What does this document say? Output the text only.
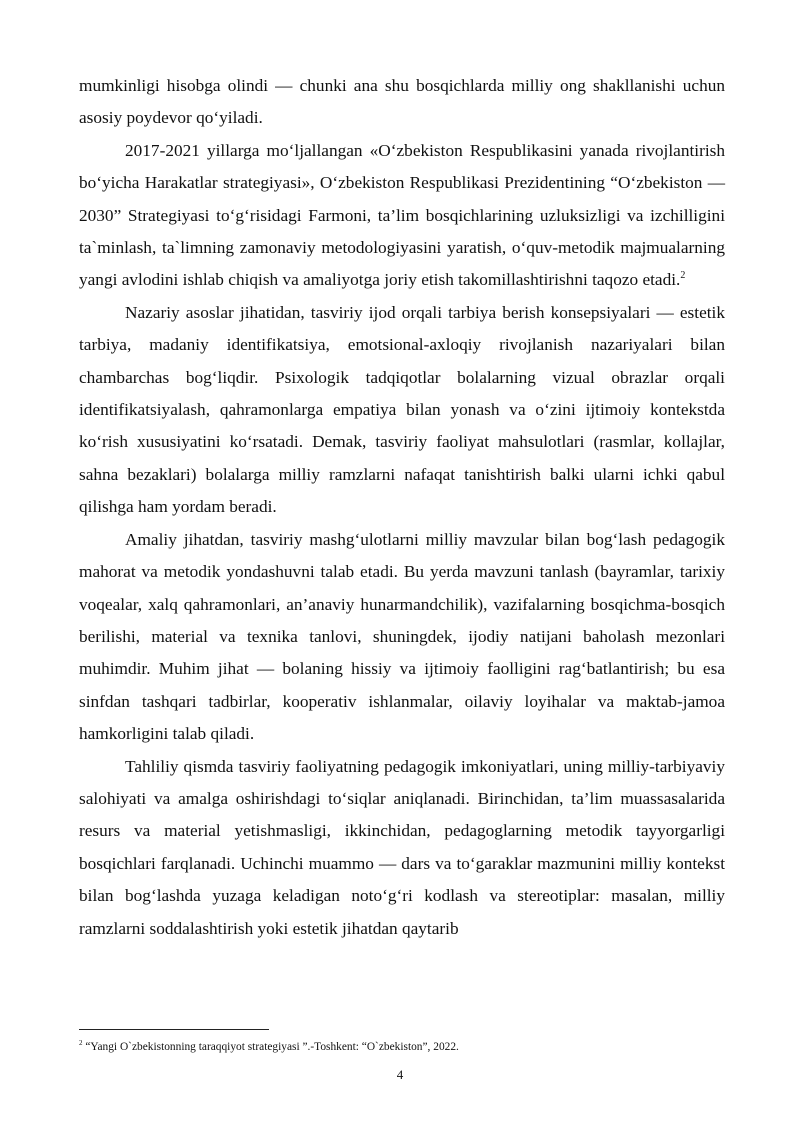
mumkinligi hisobga olindi — chunki ana shu bosqichlarda milliy ong shakllanishi uchun asosiy poydevor qo‘yiladi.

2017-2021 yillarga mo‘ljallangan «O‘zbekiston Respublikasini yanada rivojlantirish bo‘yicha Harakatlar strategiyasi», O‘zbekiston Respublikasi Prezidentining “O‘zbekiston — 2030” Strategiyasi to‘g‘risidagi Farmoni, ta’lim bosqichlarining uzluksizligi va izchilligini ta`minlash, ta`limning zamonaviy metodologiyasini yaratish, o‘quv-metodik majmualarning yangi avlodini ishlab chiqish va amaliyotga joriy etish takomillashtirishni taqozo etadi.$^2$

Nazariy asoslar jihatidan, tasviriy ijod orqali tarbiya berish konsepsiyalari — estetik tarbiya, madaniy identifikatsiya, emotsional-axloqiy rivojlanish nazariyalari bilan chambarchas bog‘liqdir. Psixologik tadqiqotlar bolalarning vizual obrazlar orqali identifikatsiyalash, qahramonlarga empatiya bilan yonash va o‘zini ijtimoiy kontekstda ko‘rish xususiyatini ko‘rsatadi. Demak, tasviriy faoliyat mahsulotlari (rasmlar, kollajlar, sahna bezaklari) bolalarga milliy ramzlarni nafaqat tanishtirish balki ularni ichki qabul qilishga ham yordam beradi.

Amaliy jihatdan, tasviriy mashg‘ulotlarni milliy mavzular bilan bog‘lash pedagogik mahorat va metodik yondashuvni talab etadi. Bu yerda mavzuni tanlash (bayramlar, tarixiy voqealar, xalq qahramonlari, an’anaviy hunarmandchilik), vazifalarning bosqichma-bosqich berilishi, material va texnika tanlovi, shuningdek, ijodiy natijani baholash mezonlari muhimdir. Muhim jihat — bolaning hissiy va ijtimoiy faolligini rag‘batlantirish; bu esa sinfdan tashqari tadbirlar, kooperativ ishlanmalar, oilaviy loyihalar va maktab-jamoa hamkorligini talab qiladi.

Tahliliy qismda tasviriy faoliyatning pedagogik imkoniyatlari, uning milliy-tarbiyaviy salohiyati va amalga oshirishdagi to‘siqlar aniqlanadi. Birinchidan, ta’lim muassasalarida resurs va material yetishmasligi, ikkinchidan, pedagoglarning metodik tayyorgarligi bosqichlari farqlanadi. Uchinchi muammo — dars va to‘garaklar mazmunini milliy kontekst bilan bog‘lashda yuzaga keladigan noto‘g‘ri kodlash va stereotiplar: masalan, milliy ramzlarni soddalashtirish yoki estetik jihatdan qaytarib

$^2$ “Yangi O`zbekistonning taraqqiyot strategiyasi ”.-Toshkent: “O`zbekiston”, 2022.
4
